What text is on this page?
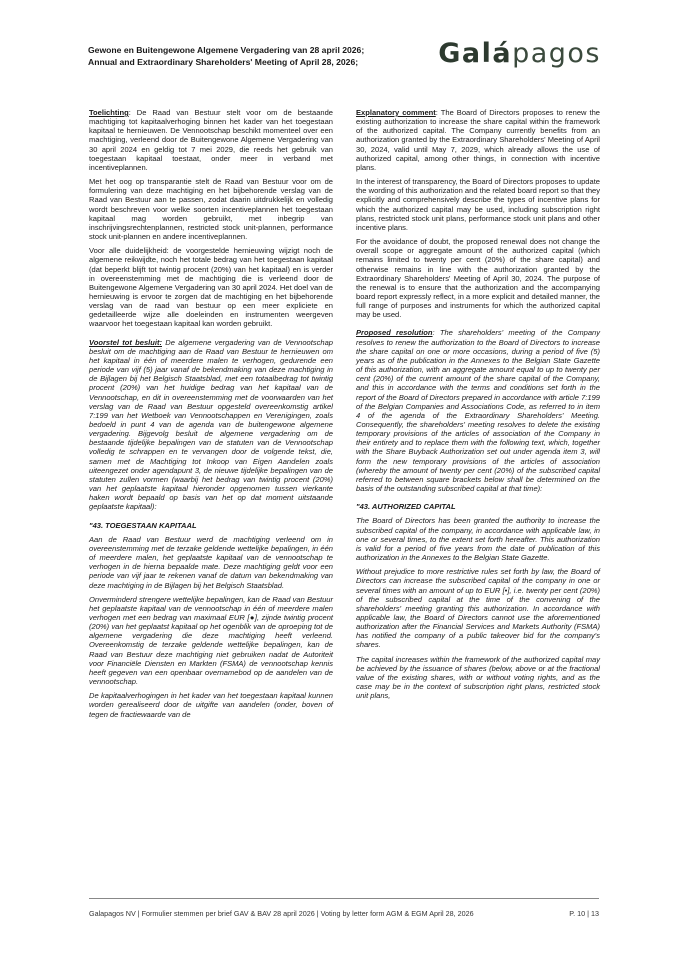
Gewone en Buitengewone Algemene Vergadering van 28 april 2026;
Annual and Extraordinary Shareholders' Meeting of April 28, 2026;	Galápagos

Toelichting: De Raad van Bestuur stelt voor om de bestaande machtiging tot kapitaalverhoging binnen het kader van het toegestaan kapitaal te hernieuwen. De Vennootschap beschikt momenteel over een machtiging, verleend door de Buitengewone Algemene Vergadering van 30 april 2024 en geldig tot 7 mei 2029, die reeds het gebruik van toegestaan kapitaal toestaat, onder meer in verband met incentiveplannen.

Met het oog op transparantie stelt de Raad van Bestuur voor om de formulering van deze machtiging en het bijbehorende verslag van de Raad van Bestuur aan te passen, zodat daarin uitdrukkelijk en volledig wordt beschreven voor welke soorten incentiveplannen het toegestaan kapitaal mag worden gebruikt, met inbegrip van inschrijvingsrechtenplannen, restricted stock unit-plannen, performance stock unit-plannen en andere incentiveplannen.

Voor alle duidelijkheid: de voorgestelde hernieuwing wijzigt noch de algemene reikwijdte, noch het totale bedrag van het toegestaan kapitaal (dat beperkt blijft tot twintig procent (20%) van het kapitaal) en is verder in overeenstemming met de machtiging die is verleend door de Buitengewone Algemene Vergadering van 30 april 2024. Het doel van de hernieuwing is ervoor te zorgen dat de machtiging en het bijbehorende verslag van de raad van bestuur op een meer expliciete en gedetailleerde wijze alle doeleinden en instrumenten weergeven waarvoor het toegestaan kapitaal kan worden gebruikt.

Voorstel tot besluit: De algemene vergadering van de Vennootschap besluit om de machtiging aan de Raad van Bestuur te hernieuwen om het kapitaal in één of meerdere malen te verhogen, gedurende een periode van vijf (5) jaar vanaf de bekendmaking van deze machtiging in de Bijlagen bij het Belgisch Staatsblad, met een totaalbedrag tot twintig procent (20%) van het huidige bedrag van het kapitaal van de Vennootschap, en dit in overeenstemming met de voorwaarden van het verslag van de Raad van Bestuur opgesteld overeenkomstig artikel 7:199 van het Wetboek van Vennootschappen en Verenigingen, zoals bedoeld in punt 4 van de agenda van de buitengewone algemene vergadering. Bijgevolg besluit de algemene vergadering om de bestaande tijdelijke bepalingen van de statuten van de Vennootschap volledig te schrappen en te vervangen door de volgende tekst, die, samen met de Machtiging tot Inkoop van Eigen Aandelen zoals uiteengezet onder agendapunt 3, de nieuwe tijdelijke bepalingen van de statuten zullen vormen (waarbij het bedrag van twintig procent (20%) van het geplaatste kapitaal hieronder opgenomen tussen vierkante haken wordt bepaald op basis van het op dat moment uitstaande geplaatste kapitaal):

"43. TOEGESTAAN KAPITAAL

Aan de Raad van Bestuur werd de machtiging verleend om in overeenstemming met de terzake geldende wettelijke bepalingen, in één of meerdere malen, het geplaatste kapitaal van de vennootschap te verhogen in de hierna bepaalde mate. Deze machtiging geldt voor een periode van vijf jaar te rekenen vanaf de datum van bekendmaking van deze machtiging in de Bijlagen bij het Belgisch Staatsblad.

Onverminderd strengere wettelijke bepalingen, kan de Raad van Bestuur het geplaatste kapitaal van de vennootschap in één of meerdere malen verhogen met een bedrag van maximaal EUR [●], zijnde twintig procent (20%) van het geplaatst kapitaal op het ogenblik van de oproeping tot de algemene vergadering die deze machtiging heeft verleend. Overeenkomstig de terzake geldende wettelijke bepalingen, kan de Raad van Bestuur deze machtiging niet gebruiken nadat de Autoriteit voor Financiële Diensten en Markten (FSMA) de vennootschap kennis heeft gegeven van een openbaar overnamebod op de aandelen van de vennootschap.

De kapitaalverhogingen in het kader van het toegestaan kapitaal kunnen worden gerealiseerd door de uitgifte van aandelen (onder, boven of tegen de fractiewaarde van de

Explanatory comment: The Board of Directors proposes to renew the existing authorization to increase the share capital within the framework of the authorized capital. The Company currently benefits from an authorization granted by the Extraordinary Shareholders' Meeting of April 30, 2024, valid until May 7, 2029, which already allows the use of authorized capital, among other things, in connection with incentive plans.

In the interest of transparency, the Board of Directors proposes to update the wording of this authorization and the related board report so that they explicitly and comprehensively describe the types of incentive plans for which the authorized capital may be used, including subscription right plans, restricted stock unit plans, performance stock unit plans and other incentive plans.

For the avoidance of doubt, the proposed renewal does not change the overall scope or aggregate amount of the authorized capital (which remains limited to twenty per cent (20%) of the share capital) and otherwise remains in line with the authorization granted by the Extraordinary Shareholders' Meeting of April 30, 2024. The purpose of the renewal is to ensure that the authorization and the accompanying board report expressly reflect, in a more explicit and detailed manner, the full range of purposes and instruments for which the authorized capital may be used.

Proposed resolution: The shareholders' meeting of the Company resolves to renew the authorization to the Board of Directors to increase the share capital on one or more occasions, during a period of five (5) years as of the publication in the Annexes to the Belgian State Gazette of this authorization, with an aggregate amount equal to up to twenty per cent (20%) of the current amount of the share capital of the Company, and this in accordance with the terms and conditions set forth in the report of the Board of Directors prepared in accordance with article 7:199 of the Belgian Companies and Associations Code, as referred to in item 4 of the agenda of the Extraordinary Shareholders' Meeting. Consequently, the shareholders' meeting resolves to delete the existing temporary provisions of the articles of association of the Company in their entirety and to replace them with the following text, which, together with the Share Buyback Authorization set out under agenda item 3, will form the new temporary provisions of the articles of association (whereby the amount of twenty per cent (20%) of the subscribed capital referred to between square brackets below shall be determined on the basis of the outstanding subscribed capital at that time):

"43. AUTHORIZED CAPITAL

The Board of Directors has been granted the authority to increase the subscribed capital of the company, in accordance with applicable law, in one or several times, to the extent set forth hereafter. This authorization is valid for a period of five years from the date of publication of this authorization in the Annexes to the Belgian State Gazette.

Without prejudice to more restrictive rules set forth by law, the Board of Directors can increase the subscribed capital of the company in one or several times with an amount of up to EUR [•], i.e. twenty per cent (20%) of the subscribed capital at the time of the convening of the shareholders' meeting granting this authorization. In accordance with applicable law, the Board of Directors cannot use the aforementioned authorization after the Financial Services and Markets Authority (FSMA) has notified the company of a public takeover bid for the company's shares.

The capital increases within the framework of the authorized capital may be achieved by the issuance of shares (below, above or at the fractional value of the existing shares, with or without voting rights, and as the case may be in the context of subscription right plans, restricted stock unit plans,

Galapagos NV | Formulier stemmen per brief GAV & BAV 28 april 2026 | Voting by letter form AGM & EGM April 28, 2026	P. 10 | 13
